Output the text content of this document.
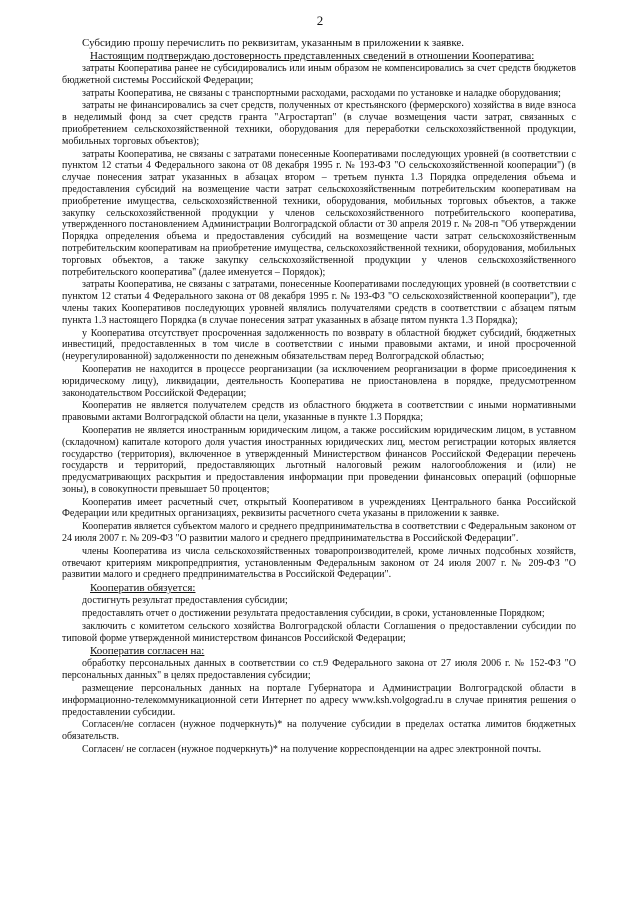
2

Субсидию прошу перечислить по реквизитам, указанным в приложении к заявке.

Настоящим подтверждаю достоверность представленных сведений в отношении Кооператива:

затраты Кооператива ранее не субсидировались или иным образом не компенсировались за счет средств бюджетов бюджетной системы Российской Федерации;

затраты Кооператива, не связаны с транспортными расходами, расходами по установке и наладке оборудования;

затраты не финансировались за счет средств, полученных от крестьянского (фермерского) хозяйства в виде взноса в неделимый фонд за счет средств гранта "Агростартап" (в случае возмещения части затрат, связанных с приобретением сельскохозяйственной техники, оборудования для переработки сельскохозяйственной продукции, мобильных торговых объектов);

затраты Кооператива, не связаны с затратами понесенные Кооперативами последующих уровней (в соответствии с пунктом 12 статьи 4 Федерального закона от 08 декабря 1995 г. № 193-ФЗ "О сельскохозяйственной кооперации") (в случае понесения затрат указанных в абзацах втором – третьем пункта 1.3 Порядка определения объема и предоставления субсидий на возмещение части затрат сельскохозяйственным потребительским кооперативам на приобретение имущества, сельскохозяйственной техники, оборудования, мобильных торговых объектов, а также закупку сельскохозяйственной продукции у членов сельскохозяйственного потребительского кооператива, утвержденного постановлением Администрации Волгоградской области от 30 апреля 2019 г. № 208-п "Об утверждении Порядка определения объема и предоставления субсидий на возмещение части затрат сельскохозяйственным потребительским кооперативам на приобретение имущества, сельскохозяйственной техники, оборудования, мобильных торговых объектов, а также закупку сельскохозяйственной продукции у членов сельскохозяйственного потребительского кооператива" (далее именуется – Порядок);

затраты Кооператива, не связаны с затратами, понесенные Кооперативами последующих уровней (в соответствии с пунктом 12 статьи 4 Федерального закона от 08 декабря 1995 г. № 193-ФЗ "О сельскохозяйственной кооперации"), где члены таких Кооперативов последующих уровней являлись получателями средств в соответствии с абзацем пятым пункта 1.3 настоящего Порядка (в случае понесения затрат указанных в абзаце пятом пункта 1.3 Порядка);

у Кооператива отсутствует просроченная задолженность по возврату в областной бюджет субсидий, бюджетных инвестиций, предоставленных в том числе в соответствии с иными правовыми актами, и иной просроченной (неурегулированной) задолженности по денежным обязательствам перед Волгоградской областью;

Кооператив не находится в процессе реорганизации (за исключением реорганизации в форме присоединения к юридическому лицу), ликвидации, деятельность Кооператива не приостановлена в порядке, предусмотренном законодательством Российской Федерации;

Кооператив не является получателем средств из областного бюджета в соответствии с иными нормативными правовыми актами Волгоградской области на цели, указанные в пункте 1.3 Порядка;

Кооператив не является иностранным юридическим лицом, а также российским юридическим лицом, в уставном (складочном) капитале которого доля участия иностранных юридических лиц, местом регистрации которых является государство (территория), включенное в утвержденный Министерством финансов Российской Федерации перечень государств и территорий, предоставляющих льготный налоговый режим налогообложения и (или) не предусматривающих раскрытия и предоставления информации при проведении финансовых операций (офшорные зоны), в совокупности превышает 50 процентов;

Кооператив имеет расчетный счет, открытый Кооперативом в учреждениях Центрального банка Российской Федерации или кредитных организациях, реквизиты расчетного счета указаны в приложении к заявке.

Кооператив является субъектом малого и среднего предпринимательства в соответствии с Федеральным законом от 24 июля 2007 г. № 209-ФЗ "О развитии малого и среднего предпринимательства в Российской Федерации".

члены Кооператива из числа сельскохозяйственных товаропроизводителей, кроме личных подсобных хозяйств, отвечают критериям микропредприятия, установленным Федеральным законом от 24 июля 2007 г. № 209-ФЗ "О развитии малого и среднего предпринимательства в Российской Федерации".

Кооператив обязуется:

достигнуть результат предоставления субсидии;

предоставлять отчет о достижении результата предоставления субсидии, в сроки, установленные Порядком;

заключить с комитетом сельского хозяйства Волгоградской области Соглашения о предоставлении субсидии по типовой форме утвержденной министерством финансов Российской Федерации;

Кооператив согласен на:

обработку персональных данных в соответствии со ст.9 Федерального закона от 27 июля 2006 г. № 152-ФЗ "О персональных данных" в целях предоставления субсидии;

размещение персональных данных на портале Губернатора и Администрации Волгоградской области в информационно-телекоммуникационной сети Интернет по адресу www.ksh.volgograd.ru в случае принятия решения о предоставлении субсидии.

Согласен/не согласен (нужное подчеркнуть)* на получение субсидии в пределах остатка лимитов бюджетных обязательств.

Согласен/ не согласен (нужное подчеркнуть)* на получение корреспонденции на адрес электронной почты.
